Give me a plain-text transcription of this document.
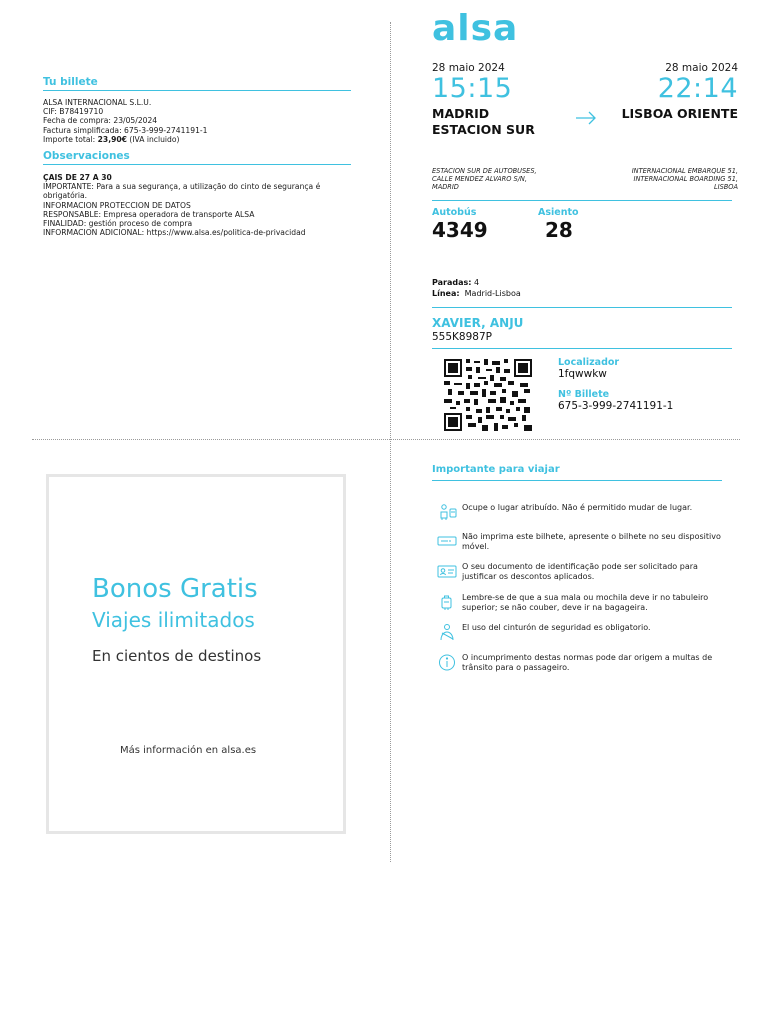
Tu billete
ALSA INTERNACIONAL S.L.U.
CIF: B78419710
Fecha de compra: 23/05/2024
Factura simplificada: 675-3-999-2741191-1
Importe total: 23,90€ (IVA incluido)
Observaciones
ÇAIS DE 27 A 30
IMPORTANTE: Para a sua segurança, a utilização do cinto de segurança é
obrigatória.
INFORMACION PROTECCION DE DATOS
RESPONSABLE: Empresa operadora de transporte ALSA
FINALIDAD: gestión proceso de compra
INFORMACION ADICIONAL: https://www.alsa.es/politica-de-privacidad
alsa
28 maio 2024	28 maio 2024
15:15	22:14
MADRID
ESTACION SUR
LISBOA ORIENTE
ESTACION SUR DE AUTOBUSES,
CALLE MENDEZ ALVARO S/N,
MADRID
INTERNACIONAL EMBARQUE 51,
INTERNACIONAL BOARDING 51,
LISBOA
Autobús
4349
Asiento
28
Paradas: 4
Línea: Madrid-Lisboa
XAVIER, ANJU
555K8987P
Localizador
1fqwwkw
Nº Billete
675-3-999-2741191-1
Bonos Gratis
Viajes ilimitados
En cientos de destinos
Más información en alsa.es
Importante para viajar
Ocupe o lugar atribuído. Não é permitido mudar de lugar.
Não imprima este bilhete, apresente o bilhete no seu dispositivo móvel.
O seu documento de identificação pode ser solicitado para justificar os descontos aplicados.
Lembre-se de que a sua mala ou mochila deve ir no tabuleiro superior; se não couber, deve ir na bagageira.
El uso del cinturón de seguridad es obligatorio.
O incumprimento destas normas pode dar origem a multas de trânsito para o passageiro.
